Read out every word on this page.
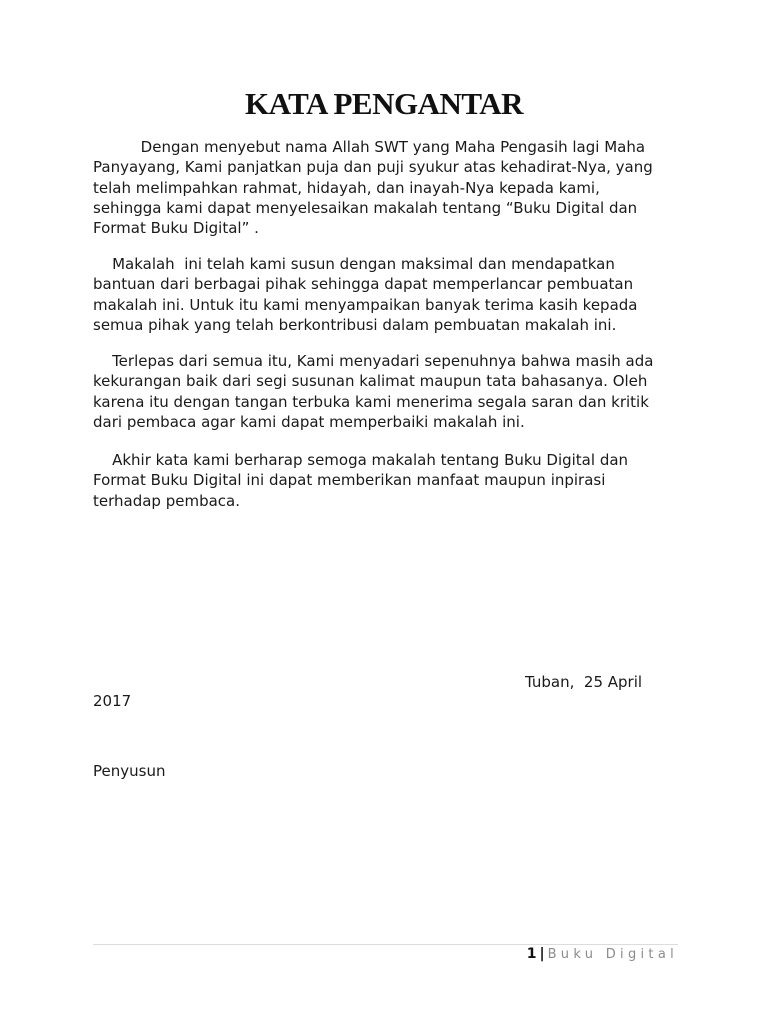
KATA PENGANTAR

Dengan menyebut nama Allah SWT yang Maha Pengasih lagi Maha
Panyayang, Kami panjatkan puja dan puji syukur atas kehadirat-Nya, yang
telah melimpahkan rahmat, hidayah, dan inayah-Nya kepada kami,
sehingga kami dapat menyelesaikan makalah tentang “Buku Digital dan
Format Buku Digital” .

Makalah  ini telah kami susun dengan maksimal dan mendapatkan
bantuan dari berbagai pihak sehingga dapat memperlancar pembuatan
makalah ini. Untuk itu kami menyampaikan banyak terima kasih kepada
semua pihak yang telah berkontribusi dalam pembuatan makalah ini.

Terlepas dari semua itu, Kami menyadari sepenuhnya bahwa masih ada
kekurangan baik dari segi susunan kalimat maupun tata bahasanya. Oleh
karena itu dengan tangan terbuka kami menerima segala saran dan kritik
dari pembaca agar kami dapat memperbaiki makalah ini.

Akhir kata kami berharap semoga makalah tentang Buku Digital dan
Format Buku Digital ini dapat memberikan manfaat maupun inpirasi
terhadap pembaca.

Tuban,  25 April
2017
Penyusun
1 | Buku Digital
